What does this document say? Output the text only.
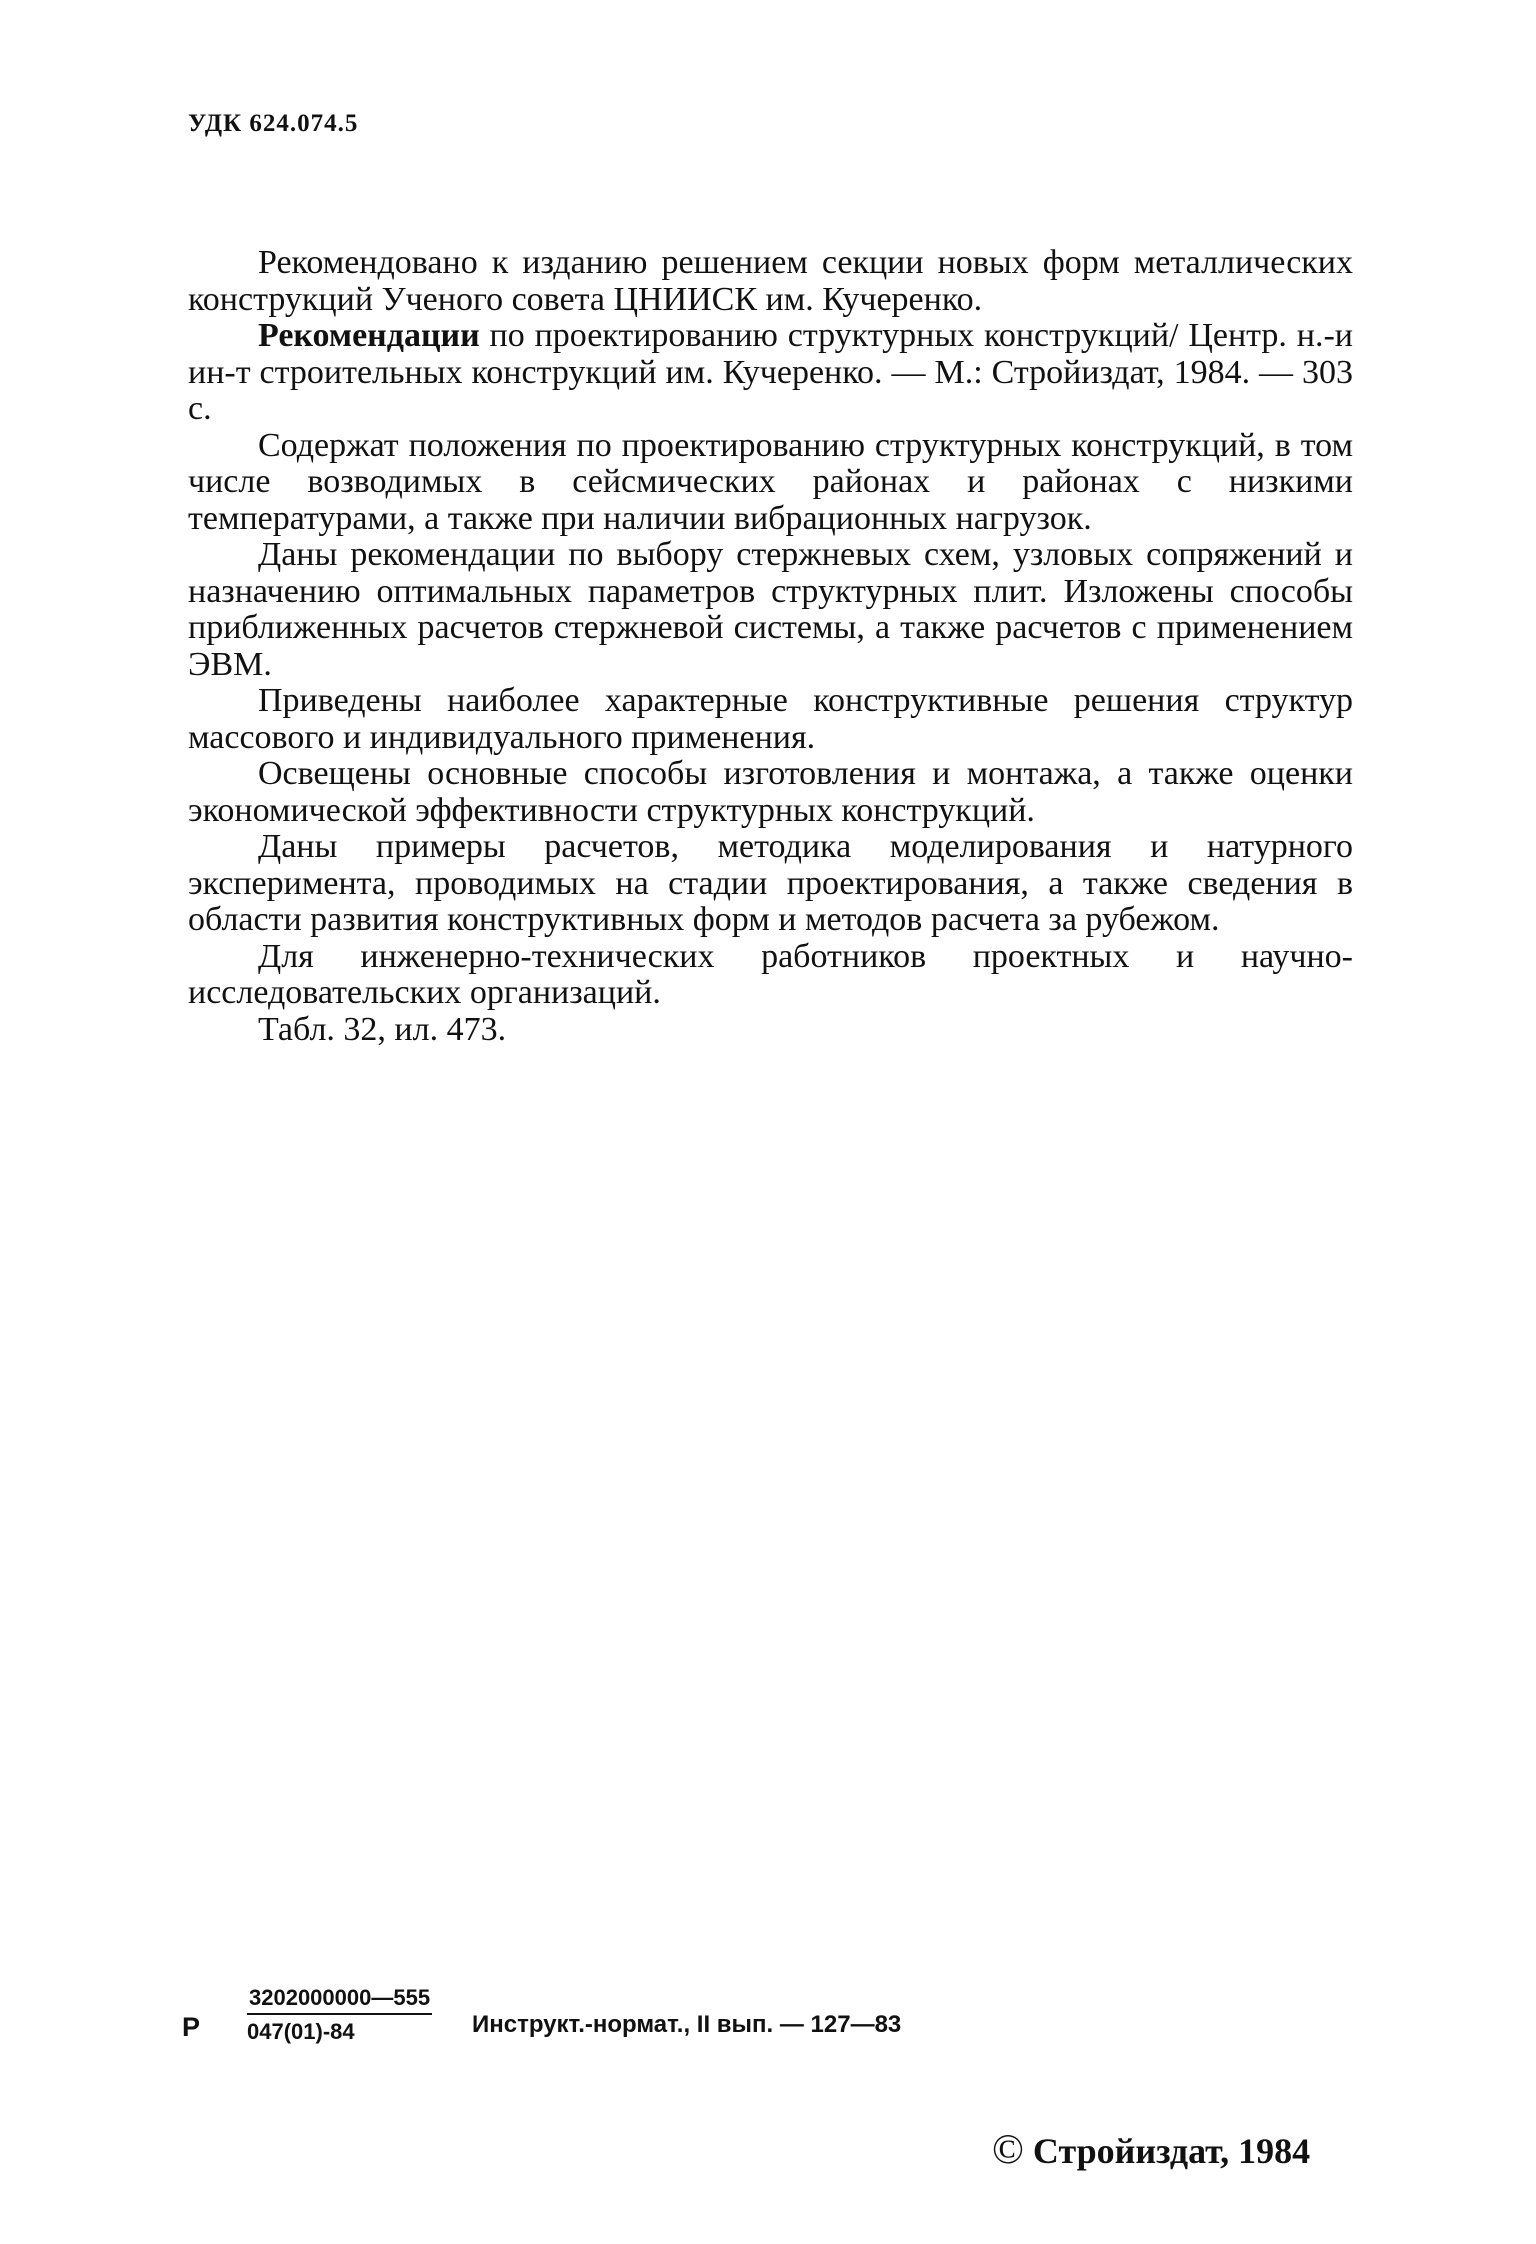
УДК 624.074.5

Рекомендовано к изданию решением секции новых форм металлических конструкций Ученого совета ЦНИИСК им. Кучеренко.

Рекомендации по проектированию структурных конструкций/ Центр. н.-и ин-т строительных конструкций им. Кучеренко. — М.: Стройиздат, 1984. — 303 с.

Содержат положения по проектированию структурных конструкций, в том числе возводимых в сейсмических районах и районах с низкими температурами, а также при наличии вибрационных нагрузок.

Даны рекомендации по выбору стержневых схем, узловых сопряжений и назначению оптимальных параметров структурных плит. Изложены способы приближенных расчетов стержневой системы, а также расчетов с применением ЭВМ.

Приведены наиболее характерные конструктивные решения структур массового и индивидуального применения.

Освещены основные способы изготовления и монтажа, а также оценки экономической эффективности структурных конструкций.

Даны примеры расчетов, методика моделирования и натурного эксперимента, проводимых на стадии проектирования, а также сведения в области развития конструктивных форм и методов расчета за рубежом.

Для инженерно-технических работников проектных и научно-исследовательских организаций.

Табл. 32, ил. 473.

Р $\frac{3202000000—555}{047(01)-84}$ Инструкт.-нормат., II вып. — 127—83
© Стройиздат, 1984
